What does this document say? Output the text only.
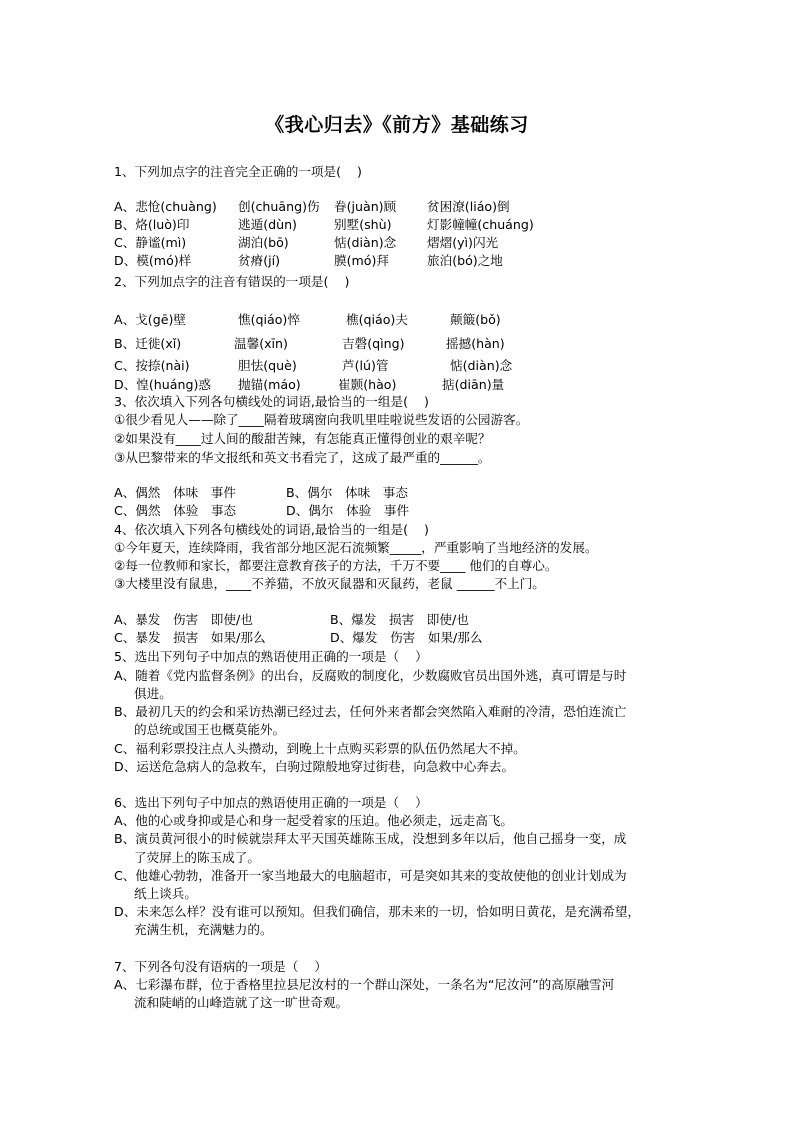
《我心归去》《前方》基础练习
1、下列加点字的注音完全正确的一项是(    )

A、悲怆(chuàng) 创(chuāng)伤 眷(juàn)顾 贫困潦(liáo)倒

B、烙(luò)印	逃遁(dùn)	别墅(shù)	灯影幢幢(chuáng)

C、静谧(mì)	湖泊(bō)	惦(diàn)念 熠熠(yì)闪光

D、模(mó)样	贫瘠(jí)	膜(mó)拜	旅泊(bó)之地

2、下列加点字的注音有错误的一项是(    )

A、戈(gē)壁	憔(qiáo)悴	樵(qiáo)夫	颠簸(bǒ)

B、迁徙(xǐ)	温馨(xīn)	吉磬(qìng)	摇撼(hàn)

C、按捺(nài)	胆怯(què)	芦(lú)管	惦(diàn)念

D、惶(huáng)惑 抛锚(máo)	崔颢(hào)	掂(diān)量

3、依次填入下列各句横线处的词语,最恰当的一组是(    )
①很少看见人——除了____隔着玻璃窗向我叽里哇啦说些发语的公园游客。
②如果没有____过人间的酸甜苦辣，有怎能真正懂得创业的艰辛呢？
③从巴黎带来的华文报纸和英文书看完了，这成了最严重的______。

A、偶然　体味　事件	B、偶尔　体味　事态

C、偶然　体验　事态	D、偶尔　体验　事件

4、依次填入下列各句横线处的词语,最恰当的一组是(    )
①今年夏天，连续降雨，我省部分地区泥石流频繁_____，严重影响了当地经济的发展。
②每一位教师和家长，都要注意教育孩子的方法，千万不要____ 他们的自尊心。
③大楼里没有鼠患，____不养猫，不放灭鼠器和灭鼠药，老鼠 ______不上门。

A、暴发　伤害　即使/也	B、爆发　损害　即使/也

C、暴发　损害　如果/那么	D、爆发　伤害　如果/那么

5、选出下列句子中加点的熟语使用正确的一项是（    ）
A、随着《党内监督条例》的出台，反腐败的制度化，少数腐败官员出国外逃，真可谓是与时
俱进。
B、最初几天的约会和采访热潮已经过去，任何外来者都会突然陷入难耐的冷清，恐怕连流亡
的总统或国王也概莫能外。
C、福利彩票投注点人头攒动，到晚上十点购买彩票的队伍仍然尾大不掉。
D、运送危急病人的急救车，白驹过隙般地穿过街巷，向急救中心奔去。
6、选出下列句子中加点的熟语使用正确的一项是（    ）
A、他的心或身抑或是心和身一起受着家的压迫。他必须走，远走高飞。
B、演员黄河很小的时候就崇拜太平天国英雄陈玉成，没想到多年以后，他自己摇身一变，成
了荧屏上的陈玉成了。
C、他雄心勃勃，准备开一家当地最大的电脑超市，可是突如其来的变故使他的创业计划成为
纸上谈兵。
D、未来怎么样？没有谁可以预知。但我们确信，那未来的一切，恰如明日黄花，是充满希望，
充满生机，充满魅力的。
7、下列各句没有语病的一项是（    ）
A、七彩瀑布群，位于香格里拉县尼汝村的一个群山深处，一条名为“尼汝河”的高原融雪河
流和陡峭的山峰造就了这一旷世奇观。
